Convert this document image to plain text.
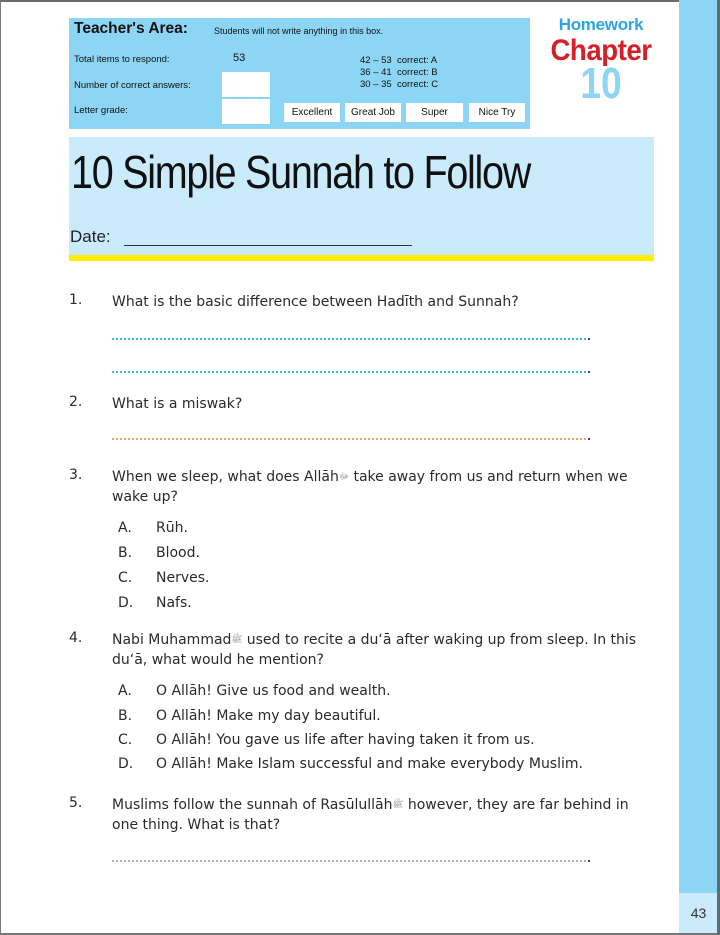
Teacher's Area:	Students will not write anything in this box.
Total items to respond:	53
Number of correct answers:
Letter grade:
42 – 53  correct: A
36 – 41  correct: B
30 – 35  correct: C
Excellent	Great Job	Super	Nice Try
Homework
Chapter
10
10 Simple Sunnah to Follow
Date:
1.	What is the basic difference between Hadīth and Sunnah?
2.	What is a miswak?
3.	When we sleep, what does Allāhﷻ take away from us and return when we wake up?
A. Rūh.
B. Blood.
C. Nerves.
D. Nafs.
4.	Nabi Muhammadﷺ used to recite a du‘ā after waking up from sleep. In this du‘ā, what would he mention?
A. O Allāh! Give us food and wealth.
B. O Allāh! Make my day beautiful.
C. O Allāh! You gave us life after having taken it from us.
D. O Allāh! Make Islam successful and make everybody Muslim.
5.	Muslims follow the sunnah of Rasūlullāhﷺ however, they are far behind in one thing. What is that?
43
